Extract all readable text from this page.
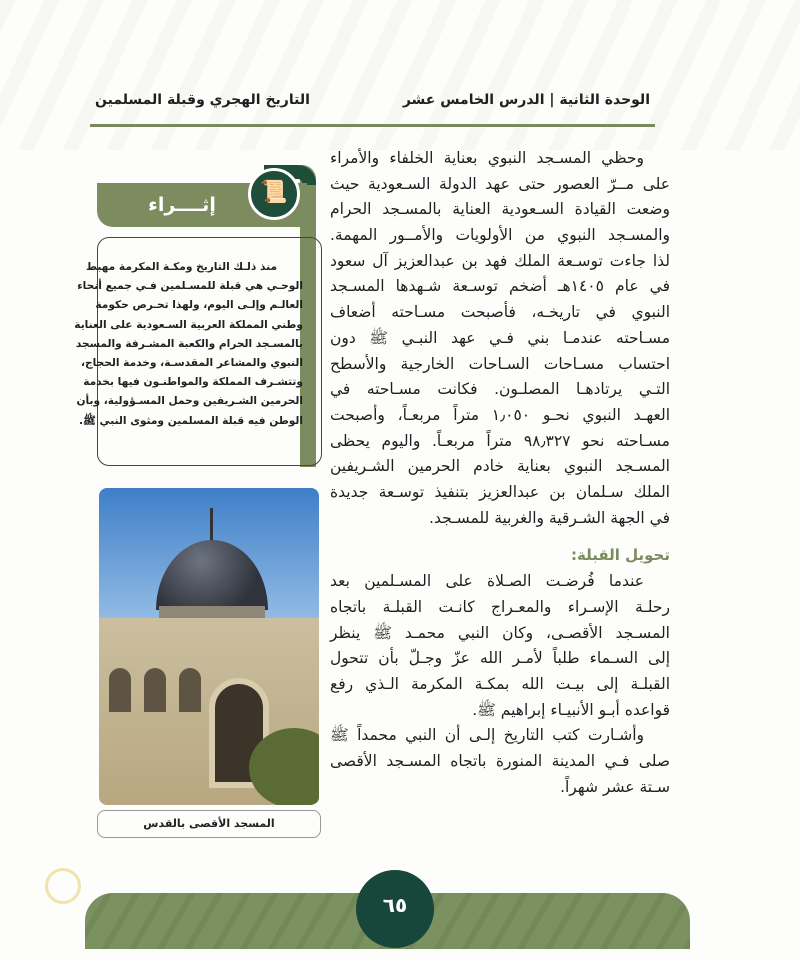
الوحدة الثانية | الدرس الخامس عشر
التاريخ الهجري وقبلة المسلمين
وحظي المسـجد النبوي بعناية الخلفاء والأمراء
على مــرّ العصور حتى عهد الدولة السـعودية حيث
وضعت القيادة السـعودية العناية بالمسـجد الحرام
والمسـجد النبوي من الأولويات والأمــور المهمة.
لذا جاءت توسـعة الملك فهد بن عبدالعزيز آل سعود
في عام ١٤٠٥هـ أضخم توسـعة شـهدها المسـجد
النبوي في تاريخـه، فأصبحت مسـاحته أضعاف
مسـاحته عندمـا بني فـي عهد النبـي ﷺ دون
احتساب مسـاحات السـاحات الخارجية والأسطح
التـي يرتادهـا المصلـون. فكانت مسـاحته في
العهـد النبوي نحـو ١٫٠٥٠ متراً مربعـاً، وأصبحت
مسـاحته نحو ٩٨٫٣٢٧ متراً مربعـاً. واليوم يحظى
المسـجد النبوي بعناية خادم الحرمين الشـريفين
الملك سـلمان بن عبدالعزيز بتنفيذ توسـعة جديدة
في الجهة الشـرقية والغربية للمسـجد.
تحويل القبلة:
عندما فُرضـت الصـلاة على المسـلمين بعد
رحلـة الإسـراء والمعـراج كانـت القبلـة باتجاه
المسـجد الأقصـى، وكان النبي محمـد ﷺ ينظر
إلى السـماء طلباً لأمـر الله عزّ وجـلّ بأن تتحول
القبلـة إلى بيـت الله بمكـة المكرمة الـذي رفع
قواعده أبـو الأنبيـاء إبراهيم ﷺ.
وأشـارت كتب التاريخ إلـى أن النبي محمداً ﷺ
صلى فـي المدينة المنورة باتجاه المسـجد الأقصى
سـتة عشر شهراً.
إثــــراء	📜
منذ ذلـك التاريخ ومكـة المكرمة مهبط
الوحـي هي قبلة للمسـلمين فـي جميع أنحاء
العالـم وإلـى اليوم، ولهذا تحـرص حكومة
وطني المملكة العربية السـعودية على العناية
بالمسـجد الحرام والكعبة المشـرفة والمسجد
النبوي والمشاعر المقدسـة، وخدمة الحجاج،
وتتشـرف المملكة والمواطنـون فيها بخدمة
الحرمين الشـريفين وحمل المسـؤولية، وبأن
الوطن فيه قبلة المسلمين ومثوى النبي ﷺ.
المسجد الأقصى بالقدس
٦٥
